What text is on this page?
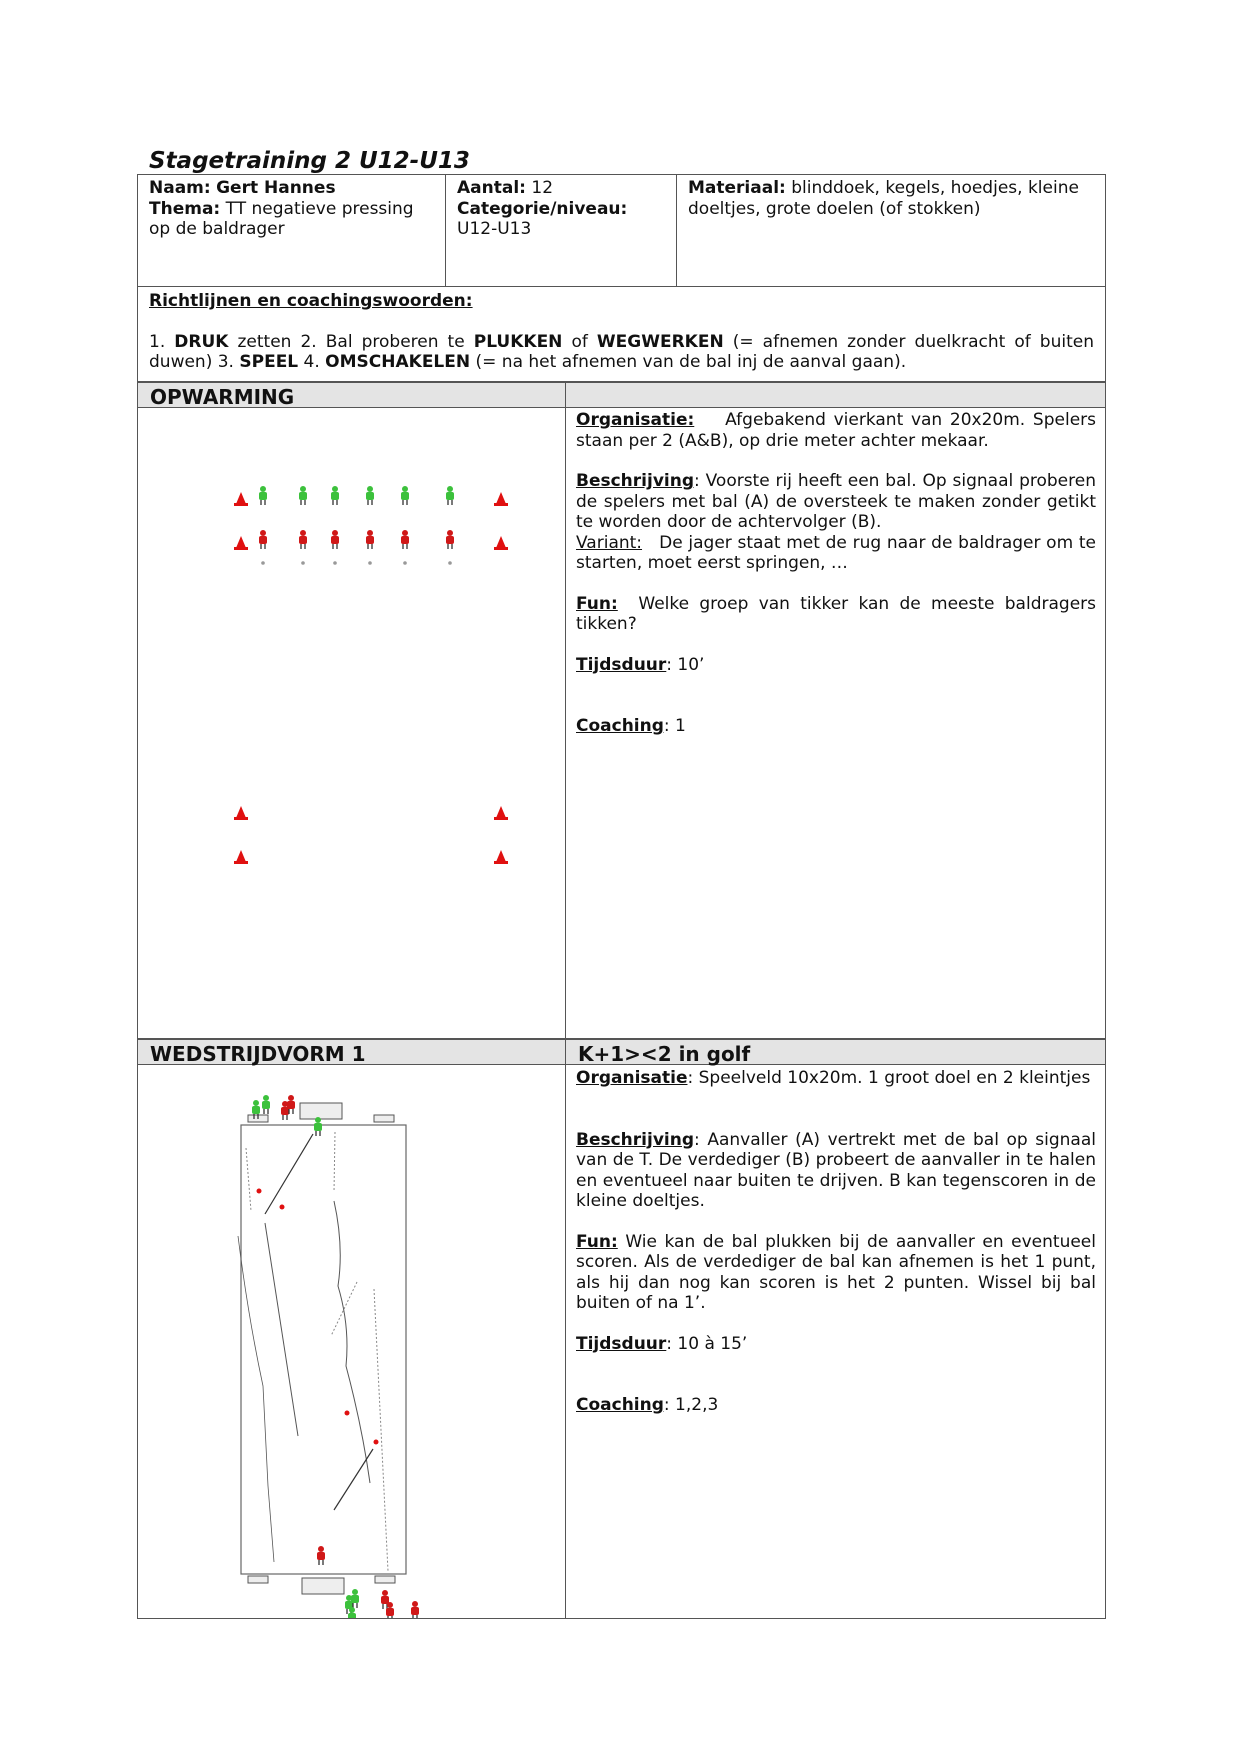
Stagetraining 2 U12-U13
Naam: Gert Hannes
Thema: TT negatieve pressing op de baldrager
Aantal: 12
Categorie/niveau:
U12-U13
Materiaal: blinddoek, kegels, hoedjes, kleine doeltjes, grote doelen (of stokken)
Richtlijnen en coachingswoorden:
1. DRUK zetten 2. Bal proberen te PLUKKEN of WEGWERKEN (= afnemen zonder duelkracht of buiten duwen) 3. SPEEL 4. OMSCHAKELEN (= na het afnemen van de bal inj de aanval gaan).
OPWARMING

Organisatie: Afgebakend vierkant van 20x20m. Spelers staan per 2 (A&B), op drie meter achter mekaar.

Beschrijving: Voorste rij heeft een bal. Op signaal proberen de spelers met bal (A) de oversteek te maken zonder getikt te worden door de achtervolger (B).

Variant: De jager staat met de rug naar de baldrager om te starten, moet eerst springen, …

Fun: Welke groep van tikker kan de meeste baldragers tikken?

Tijdsduur: 10’

Coaching: 1

WEDSTRIJDVORM 1	K+1><2 in golf

Organisatie: Speelveld 10x20m. 1 groot doel en 2 kleintjes

Beschrijving: Aanvaller (A) vertrekt met de bal op signaal van de T. De verdediger (B) probeert de aanvaller in te halen en eventueel naar buiten te drijven. B kan tegenscoren in de kleine doeltjes.

Fun: Wie kan de bal plukken bij de aanvaller en eventueel scoren. Als de verdediger de bal kan afnemen is het 1 punt, als hij dan nog kan scoren is het 2 punten. Wissel bij bal buiten of na 1’.

Tijdsduur: 10 à 15’

Coaching: 1,2,3
